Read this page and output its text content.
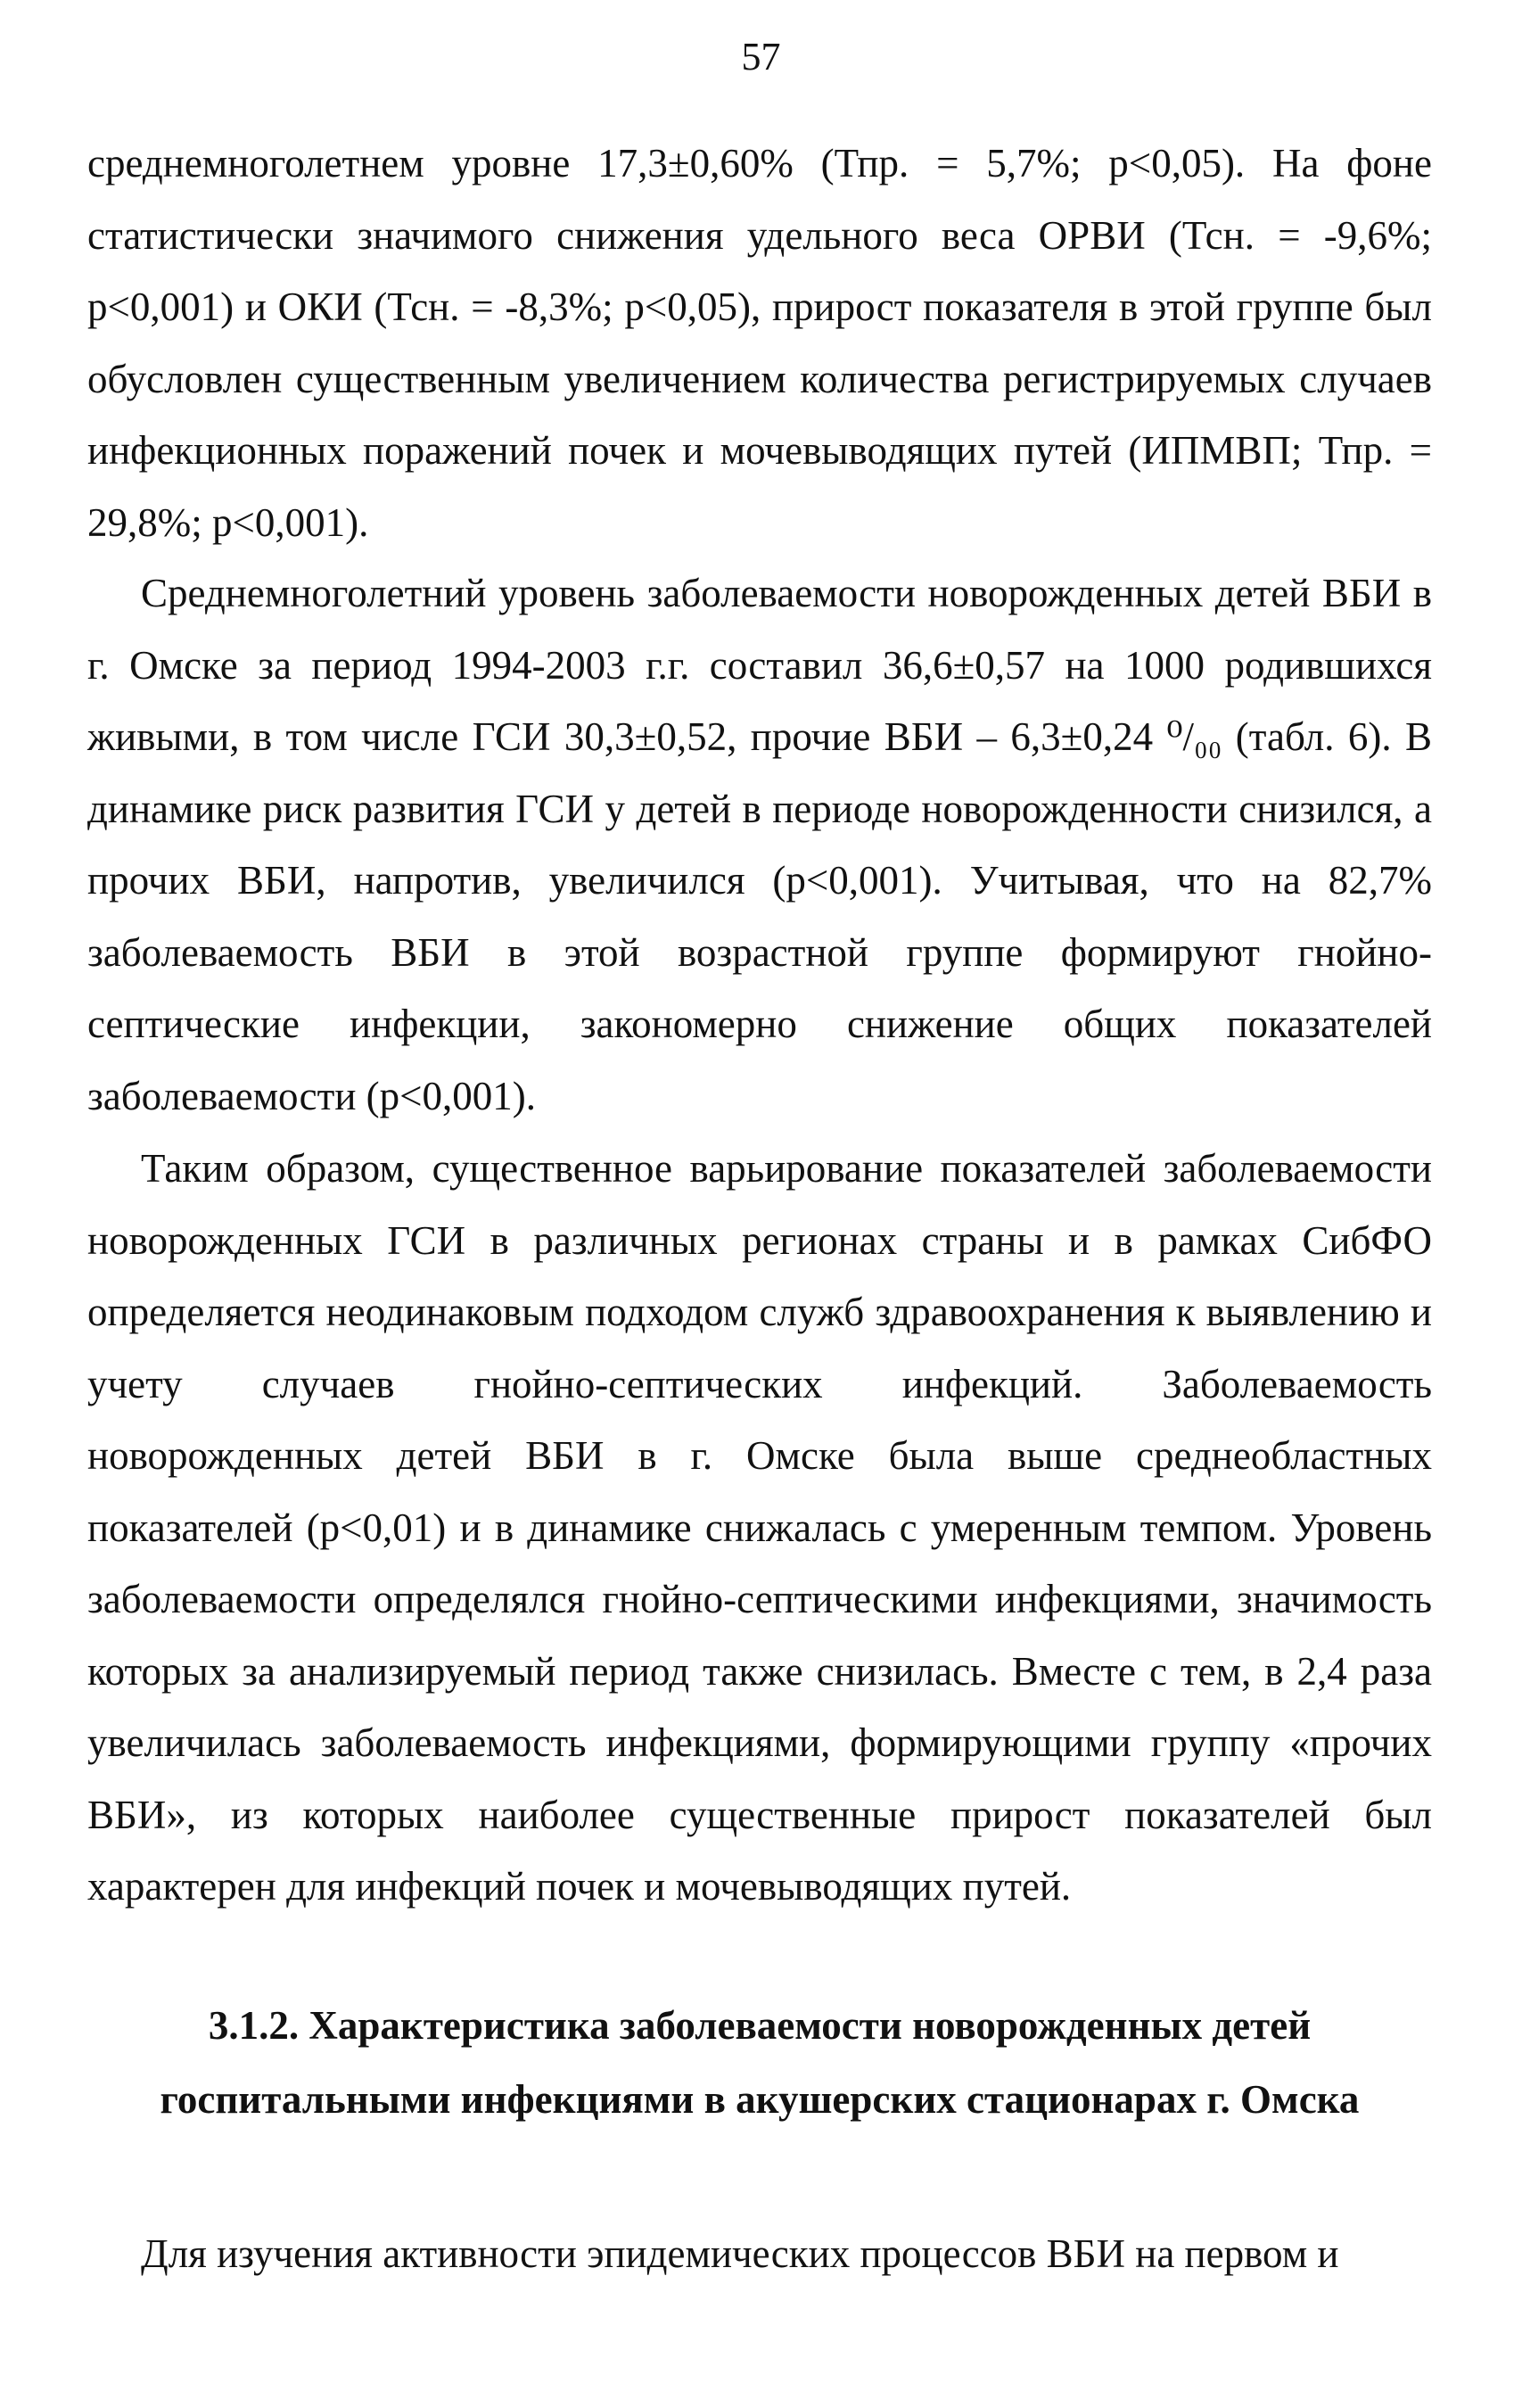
57

среднемноголетнем уровне 17,3±0,60% (Тпр. = 5,7%; p<0,05). На фоне статистически значимого снижения удельного веса ОРВИ (Тсн. = -9,6%; p<0,001) и ОКИ (Тсн. = -8,3%; p<0,05), прирост показателя в этой группе был обусловлен существенным увеличением количества регистрируемых случаев инфекционных поражений почек и мочевыводящих путей (ИПМВП; Тпр. = 29,8%; p<0,001).

Среднемноголетний уровень заболеваемости новорожденных детей ВБИ в г. Омске за период 1994-2003 г.г. составил 36,6±0,57 на 1000 родившихся живыми, в том числе ГСИ 30,3±0,52, прочие ВБИ – 6,3±0,24 ⁰/₀₀ (табл. 6). В динамике риск развития ГСИ у детей в периоде новорожденности снизился, а прочих ВБИ, напротив, увеличился (p<0,001). Учитывая, что на 82,7% заболеваемость ВБИ в этой возрастной группе формируют гнойно-септические инфекции, закономерно снижение общих показателей заболеваемости (p<0,001).

Таким образом, существенное варьирование показателей заболеваемости новорожденных ГСИ в различных регионах страны и в рамках СибФО определяется неодинаковым подходом служб здравоохранения к выявлению и учету случаев гнойно-септических инфекций. Заболеваемость новорожденных детей ВБИ в г. Омске была выше среднеобластных показателей (p<0,01) и в динамике снижалась с умеренным темпом. Уровень заболеваемости определялся гнойно-септическими инфекциями, значимость которых за анализируемый период также снизилась. Вместе с тем, в 2,4 раза увеличилась заболеваемость инфекциями, формирующими группу «прочих ВБИ», из которых наиболее существенные прирост показателей был характерен для инфекций почек и мочевыводящих путей.

3.1.2. Характеристика заболеваемости новорожденных детей
госпитальными инфекциями в акушерских стационарах г. Омска

Для изучения активности эпидемических процессов ВБИ на первом и
